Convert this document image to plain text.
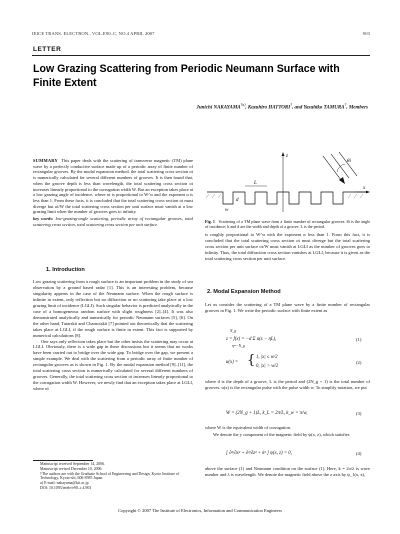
IEICE TRANS. ELECTRON., VOL.E90–C, NO.4 APRIL 2007	903
LETTER
Low Grazing Scattering from Periodic Neumann Surface with
Finite Extent
Junichi NAKAYAMA$^{\dagger a)}$, Kazuhiro HATTORI†, and Yasuhiko TAMURA†, Members
SUMMARY This paper deals with the scattering of transverse magnetic (TM) plane wave by a perfectly conductive surface made up of a periodic array of finite number of rectangular grooves. By the modal expansion method, the total scattering cross section σt is numerically calculated for several different numbers of grooves. It is then found that, when the groove depth is less than wavelength, the total scattering cross section σt increases linearly proportional to the corrugation width W. But an exception takes place at a low grazing angle of incidence, where σt is proportional to W^α and the exponent α is less than 1. From these facts, it is concluded that the total scattering cross section σt must diverge but σt/W the total scattering cross section per unit surface must vanish at a low grazing limit when the number of grooves goes to infinity.
key words: low-grazing-angle scattering, periodic array of rectangular grooves, total scattering cross section, total scattering cross section per unit surface
θi
L
w
d
x
z
Fig. 1 Scattering of a TM plane wave from a finite number of rectangular grooves. θi is the angle of incidence; h and d are the width and depth of a groove. L is the period.
1. Introduction
Low grazing scattering from a rough surface is an important problem in the study of sea observation by a ground based radar [1]. This is an interesting problem, because singularity appears in the case of the Neumann surface. When the rough surface is infinite in extent, only reflection but no diffraction or no scattering take place at a low grazing limit of incidence (LGLI). Such singular behavior is predicted analytically in the case of a homogeneous random surface with slight roughness [2]–[4]. It was also demonstrated analytically and numerically for periodic Neumann surfaces [5], [6]. On the other hand, Tatarskii and Charnotskii [7] pointed out theoretically that the scattering takes place at LGLI, if the rough surface is finite in extent. This fact is supported by numerical calculations [8].
One says only reflection takes place but the other insists the scattering may occur at LGLI. Obviously, there is a wide gap in these discussions but it seems that no works have been carried out to bridge over the wide gap. To bridge over the gap, we present a simple example. We deal with the scattering from a periodic array of finite number of rectangular grooves as is shown in Fig. 1. By the modal expansion method [9]–[11], the total scattering cross section is numerically calculated for several different numbers of grooves. Generally, the total scattering cross section σt increases linearly proportional to the corrugation width W. However, we newly find that an exception takes place at LGLI, where σt
Manuscript received September 14, 2006.
Manuscript revised December 10, 2006.
†The authors are with the Graduate School of Engineering and Design, Kyoto Institute of Technology, Kyoto-shi, 606-8585 Japan.
a) E-mail: nakayama@kit.ac.jp
DOI: 10.1093/ietele/e90–c.4.903
is roughly proportional to W^α with the exponent α less than 1. From this fact, it is concluded that the total scattering cross section σt must diverge but the total scattering cross section per unit surface σt/W must vanish at LGLI as the number of grooves goes to infinity. Thus, the total diffraction cross section vanishes at LGLI, because it is given as the total scattering cross section per unit surface.
2. Modal Expansion Method
Let us consider the scattering of a TM plane wave by a finite number of rectangular grooves in Fig. 1. We write the periodic surface with finite extent as
N_g
z = f(x) = −d Σ u(x − ηL),
η=−N_g
(1)
u(x) = { 1, |x| ≤ w/2
0, |x| > w/2
(2)
where d is the depth of a groove, L is the period and (2N_g + 1) is the total number of grooves. u(x) is the rectangular pulse with the pulse width w. To simplify notation, we put
W = (2N_g + 1)L, k_L = 2π/L, k_w = π/w,	(3)
where W is the equivalent width of corrugation.
We denote the y component of the magnetic field by ψ(x, z), which satisfies
[ ∂²/∂x² + ∂²/∂z² + k² ] ψ(x, z) = 0,	(4)
above the surface (1) and Neumann condition on the surface (1). Here, k = 2π/λ is wave number and λ is wavelength. We denote the magnetic field above the z axis by ψ_1(x, z),
Copyright © 2007 The Institute of Electronics, Information and Communication Engineers
